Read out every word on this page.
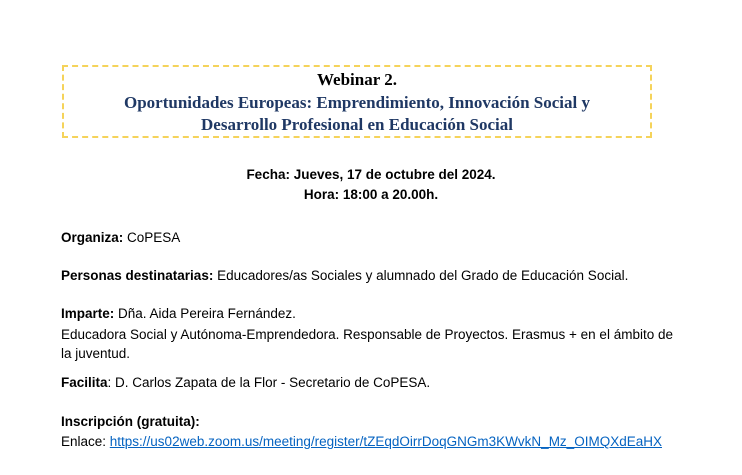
Webinar 2.
Oportunidades Europeas: Emprendimiento, Innovación Social y
Desarrollo Profesional en Educación Social
Fecha: Jueves, 17 de octubre del 2024.
Hora: 18:00 a 20.00h.
Organiza: CoPESA
Personas destinatarias: Educadores/as Sociales y alumnado del Grado de Educación Social.
Imparte: Dña. Aida Pereira Fernández.
Educadora Social y Autónoma-Emprendedora. Responsable de Proyectos. Erasmus + en el ámbito de
la juventud.
Facilita: D. Carlos Zapata de la Flor - Secretario de CoPESA.
Inscripción (gratuita):
Enlace: https://us02web.zoom.us/meeting/register/tZEqdOirrDoqGNGm3KWvkN_Mz_OIMQXdEaHX
